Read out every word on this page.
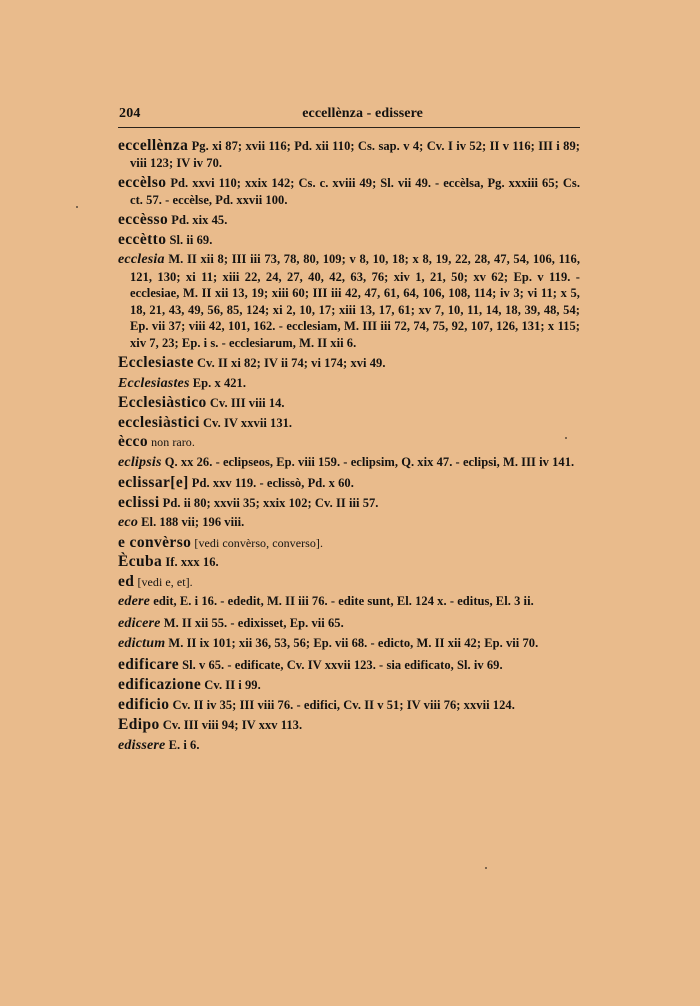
204	eccellènza - edissere

eccellènza Pg. xi 87; xvii 116; Pd. xii 110; Cs. sap. v 4; Cv. I iv 52; II v 116; III i 89; viii 123; IV iv 70.

eccèlso Pd. xxvi 110; xxix 142; Cs. c. xviii 49; Sl. vii 49. - eccèlsa, Pg. xxxiii 65; Cs. ct. 57. - eccèlse, Pd. xxvii 100.

eccèsso Pd. xix 45.

eccètto Sl. ii 69.

ecclesia M. II xii 8; III iii 73, 78, 80, 109; v 8, 10, 18; x 8, 19, 22, 28, 47, 54, 106, 116, 121, 130; xi 11; xiii 22, 24, 27, 40, 42, 63, 76; xiv 1, 21, 50; xv 62; Ep. v 119. - ecclesiae, M. II xii 13, 19; xiii 60; III iii 42, 47, 61, 64, 106, 108, 114; iv 3; vi 11; x 5, 18, 21, 43, 49, 56, 85, 124; xi 2, 10, 17; xiii 13, 17, 61; xv 7, 10, 11, 14, 18, 39, 48, 54; Ep. vii 37; viii 42, 101, 162. - ecclesiam, M. III iii 72, 74, 75, 92, 107, 126, 131; x 115; xiv 7, 23; Ep. i s. - ecclesiarum, M. II xii 6.

Ecclesiaste Cv. II xi 82; IV ii 74; vi 174; xvi 49.

Ecclesiastes Ep. x 421.

Ecclesiàstico Cv. III viii 14.

ecclesiàstici Cv. IV xxvii 131.

ècco non raro.

eclipsis Q. xx 26. - eclipseos, Ep. viii 159. - eclipsim, Q. xix 47. - eclipsi, M. III iv 141.

eclissar[e] Pd. xxv 119. - eclissò, Pd. x 60.

eclissi Pd. ii 80; xxvii 35; xxix 102; Cv. II iii 57.

eco El. 188 vii; 196 viii.

e convèrso [vedi convèrso, converso].

Ècuba If. xxx 16.

ed [vedi e, et].

edere edit, E. i 16. - ededit, M. II iii 76. - edite sunt, El. 124 x. - editus, El. 3 ii.

edicere M. II xii 55. - edixisset, Ep. vii 65.

edictum M. II ix 101; xii 36, 53, 56; Ep. vii 68. - edicto, M. II xii 42; Ep. vii 70.

edificare Sl. v 65. - edificate, Cv. IV xxvii 123. - sia edificato, Sl. iv 69.

edificazione Cv. II i 99.

edificio Cv. II iv 35; III viii 76. - edifici, Cv. II v 51; IV viii 76; xxvii 124.

Edipo Cv. III viii 94; IV xxv 113.

edissere E. i 6.
